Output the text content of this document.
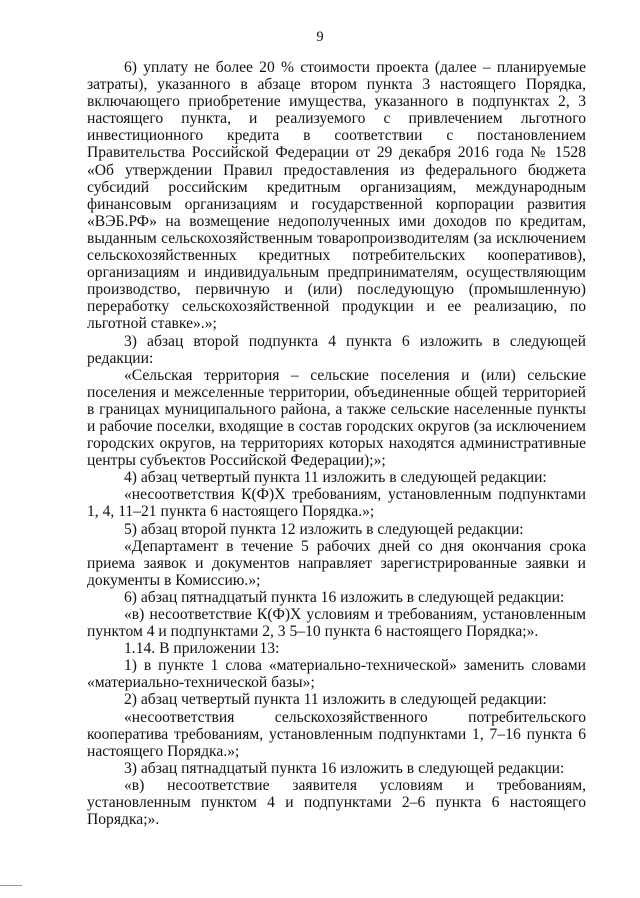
9

6) уплату не более 20 % стоимости проекта (далее – планируемые затраты), указанного в абзаце втором пункта 3 настоящего Порядка, включающего приобретение имущества, указанного в подпунктах 2, 3 настоящего пункта, и реализуемого с привлечением льготного инвестиционного кредита в соответствии с постановлением Правительства Российской Федерации от 29 декабря 2016 года № 1528 «Об утверждении Правил предоставления из федерального бюджета субсидий российским кредитным организациям, международным финансовым организациям и государственной корпорации развития «ВЭБ.РФ» на возмещение недополученных ими доходов по кредитам, выданным сельскохозяйственным товаропроизводителям (за исключением сельскохозяйственных кредитных потребительских кооперативов), организациям и индивидуальным предпринимателям, осуществляющим производство, первичную и (или) последующую (промышленную) переработку сельскохозяйственной продукции и ее реализацию, по льготной ставке».»;

3) абзац второй подпункта 4 пункта 6 изложить в следующей редакции:

«Сельская территория – сельские поселения и (или) сельские поселения и межселенные территории, объединенные общей территорией в границах муниципального района, а также сельские населенные пункты и рабочие поселки, входящие в состав городских округов (за исключением городских округов, на территориях которых находятся административные центры субъектов Российской Федерации);»;

4) абзац четвертый пункта 11 изложить в следующей редакции:

«несоответствия К(Ф)Х требованиям, установленным подпунктами 1, 4, 11–21 пункта 6 настоящего Порядка.»;

5) абзац второй пункта 12 изложить в следующей редакции:

«Департамент в течение 5 рабочих дней со дня окончания срока приема заявок и документов направляет зарегистрированные заявки и документы в Комиссию.»;

6) абзац пятнадцатый пункта 16 изложить в следующей редакции:

«в) несоответствие К(Ф)Х условиям и требованиям, установленным пунктом 4 и подпунктами 2, 3 5–10 пункта 6 настоящего Порядка;».

1.14. В приложении 13:

1) в пункте 1 слова «материально-технической» заменить словами «материально-технической базы»;

2) абзац четвертый пункта 11 изложить в следующей редакции:

«несоответствия сельскохозяйственного потребительского кооператива требованиям, установленным подпунктами 1, 7–16 пункта 6 настоящего Порядка.»;

3) абзац пятнадцатый пункта 16 изложить в следующей редакции:

«в) несоответствие заявителя условиям и требованиям, установленным пунктом 4 и подпунктами 2–6 пункта 6 настоящего Порядка;».
